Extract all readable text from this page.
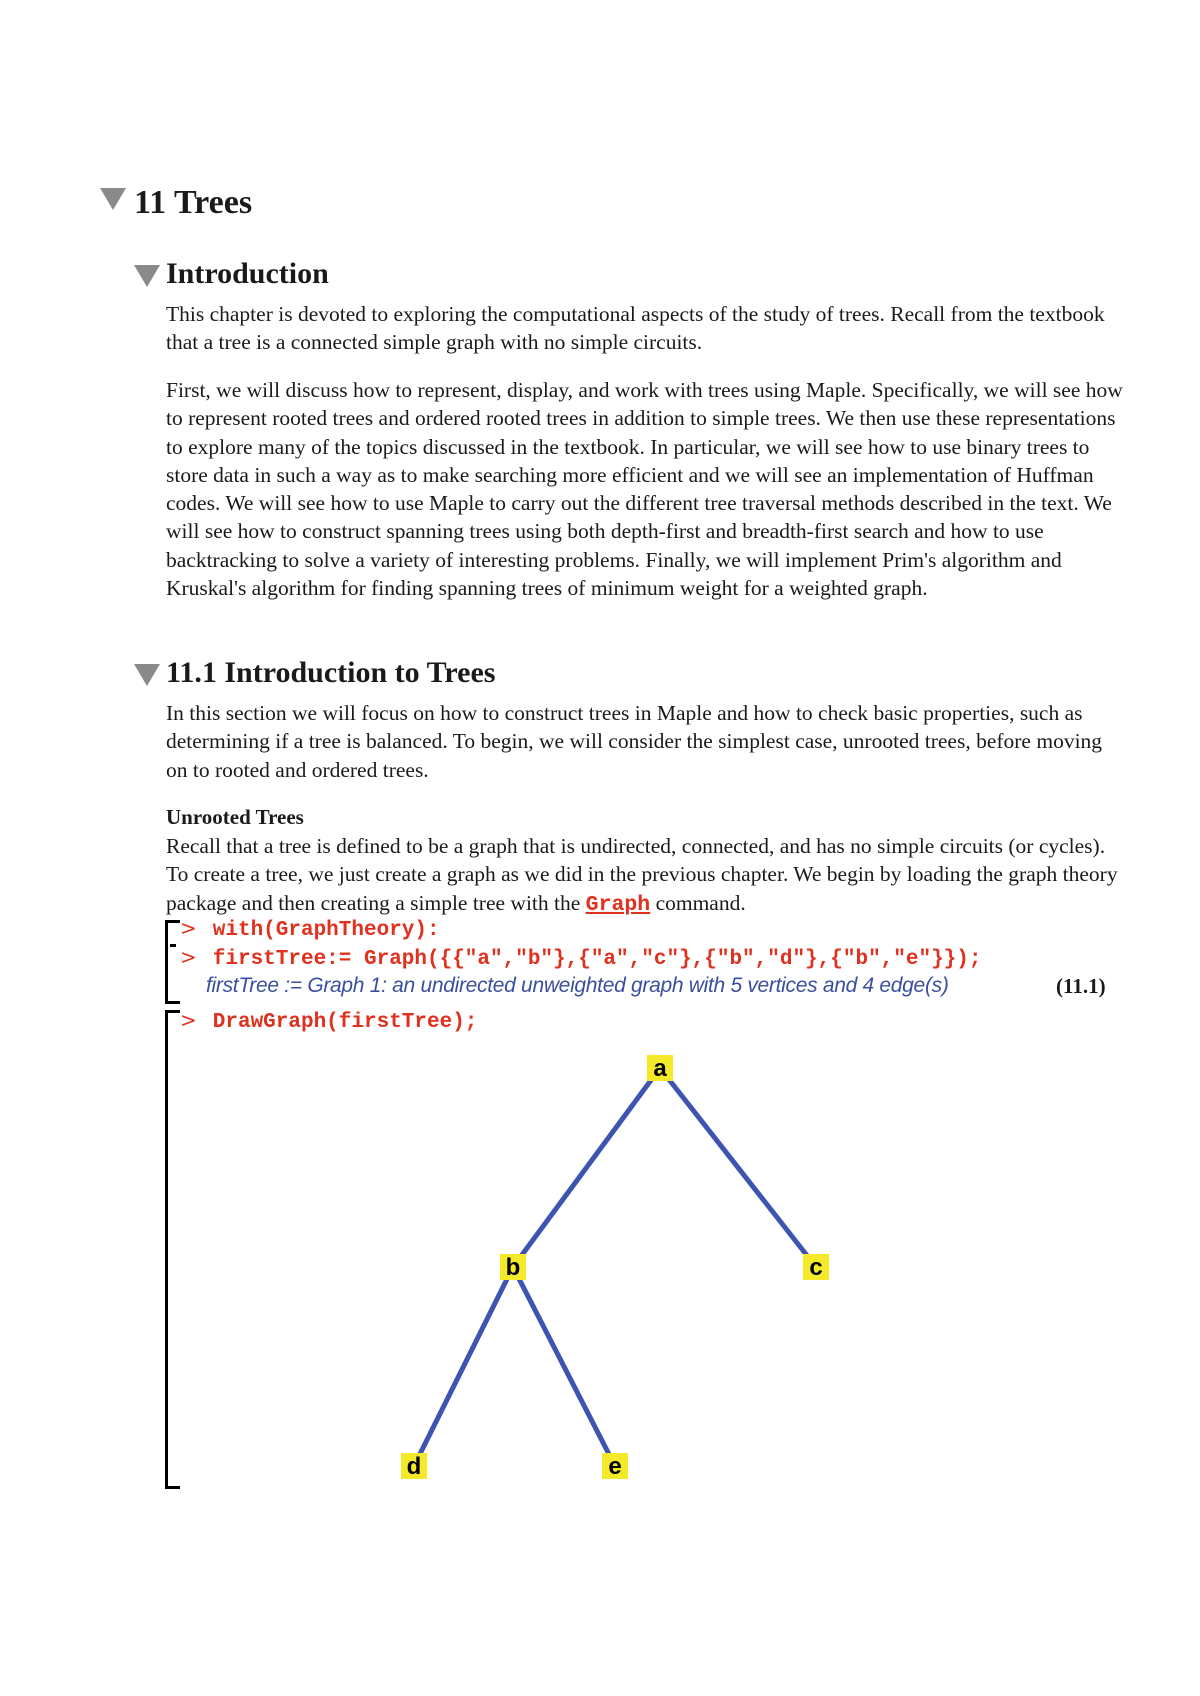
11 Trees
Introduction

This chapter is devoted to exploring the computational aspects of the study of trees. Recall from the textbook that a tree is a connected simple graph with no simple circuits.

First, we will discuss how to represent, display, and work with trees using Maple. Specifically, we will see how to represent rooted trees and ordered rooted trees in addition to simple trees. We then use these representations to explore many of the topics discussed in the textbook. In particular, we will see how to use binary trees to store data in such a way as to make searching more efficient and we will see an implementation of Huffman codes. We will see how to use Maple to carry out the different tree traversal methods described in the text. We will see how to construct spanning trees using both depth-first and breadth-first search and how to use backtracking to solve a variety of interesting problems. Finally, we will implement Prim's algorithm and Kruskal's algorithm for finding spanning trees of minimum weight for a weighted graph.

11.1 Introduction to Trees

In this section we will focus on how to construct trees in Maple and how to check basic properties, such as determining if a tree is balanced. To begin, we will consider the simplest case, unrooted trees, before moving on to rooted and ordered trees.

Unrooted Trees

Recall that a tree is defined to be a graph that is undirected, connected, and has no simple circuits (or cycles). To create a tree, we just create a graph as we did in the previous chapter. We begin by loading the graph theory package and then creating a simple tree with the Graph command.

> with(GraphTheory):
> firstTree:= Graph({{"a","b"},{"a","c"},{"b","d"},{"b","e"}});
firstTree := Graph 1: an undirected unweighted graph with 5 vertices and 4 edge(s)	(11.1)
> DrawGraph(firstTree);
a
b	c
d	e
